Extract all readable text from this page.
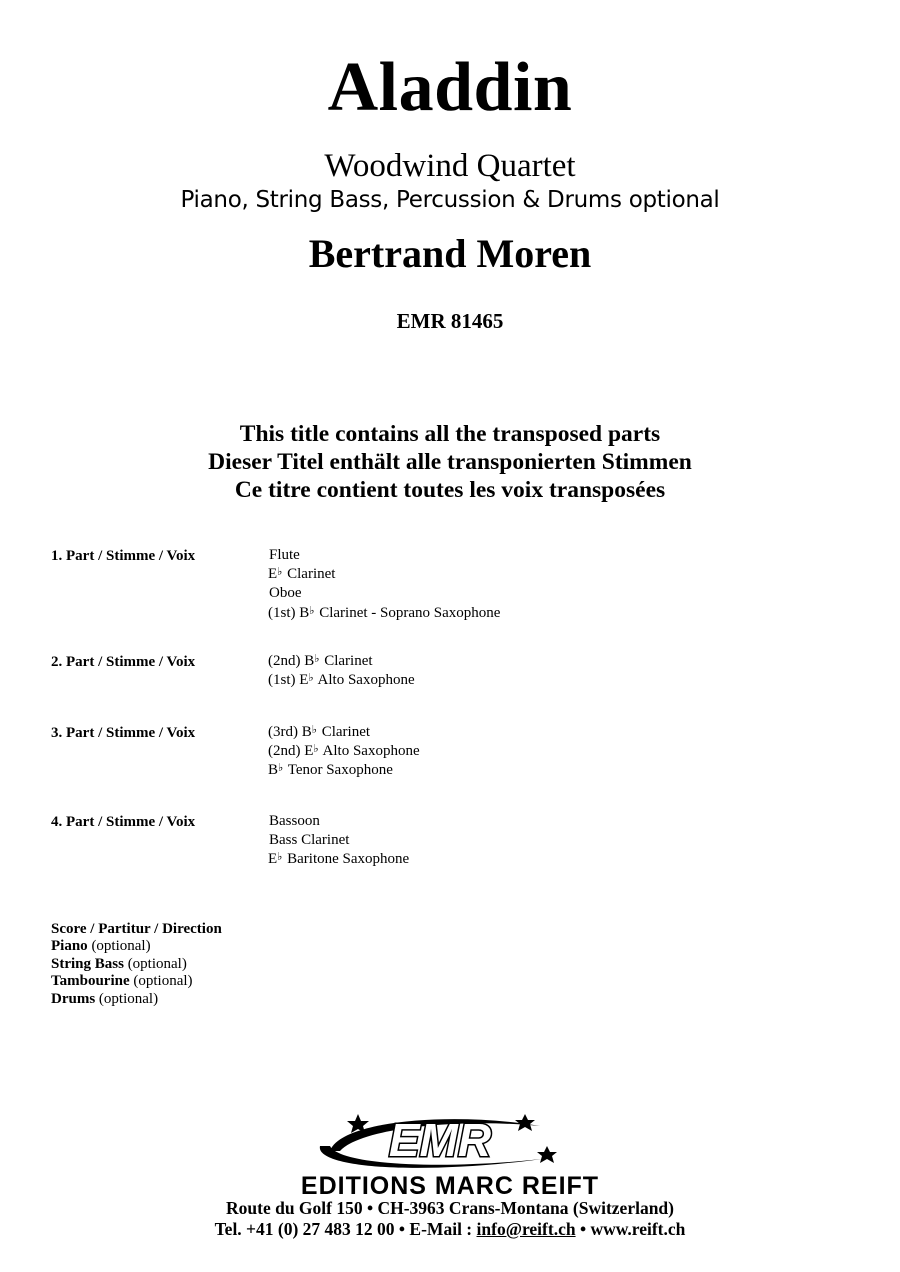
Aladdin
Woodwind Quartet
Piano, String Bass, Percussion & Drums optional
Bertrand Moren
EMR 81465
This title contains all the transposed parts
Dieser Titel enthält alle transponierten Stimmen
Ce titre contient toutes les voix transposées
1. Part / Stimme / Voix	Flute
E♭ Clarinet
Oboe
(1st) B♭ Clarinet - Soprano Saxophone
2. Part / Stimme / Voix	(2nd) B♭ Clarinet
(1st) E♭ Alto Saxophone
3. Part / Stimme / Voix	(3rd) B♭ Clarinet
(2nd) E♭ Alto Saxophone
B♭ Tenor Saxophone
4. Part / Stimme / Voix	Bassoon
Bass Clarinet
E♭ Baritone Saxophone
Score / Partitur / Direction
Piano (optional)
String Bass (optional)
Tambourine (optional)
Drums (optional)
EMR
EDITIONS MARC REIFT
Route du Golf 150 • CH-3963 Crans-Montana (Switzerland)
Tel. +41 (0) 27 483 12 00 • E-Mail : info@reift.ch • www.reift.ch
